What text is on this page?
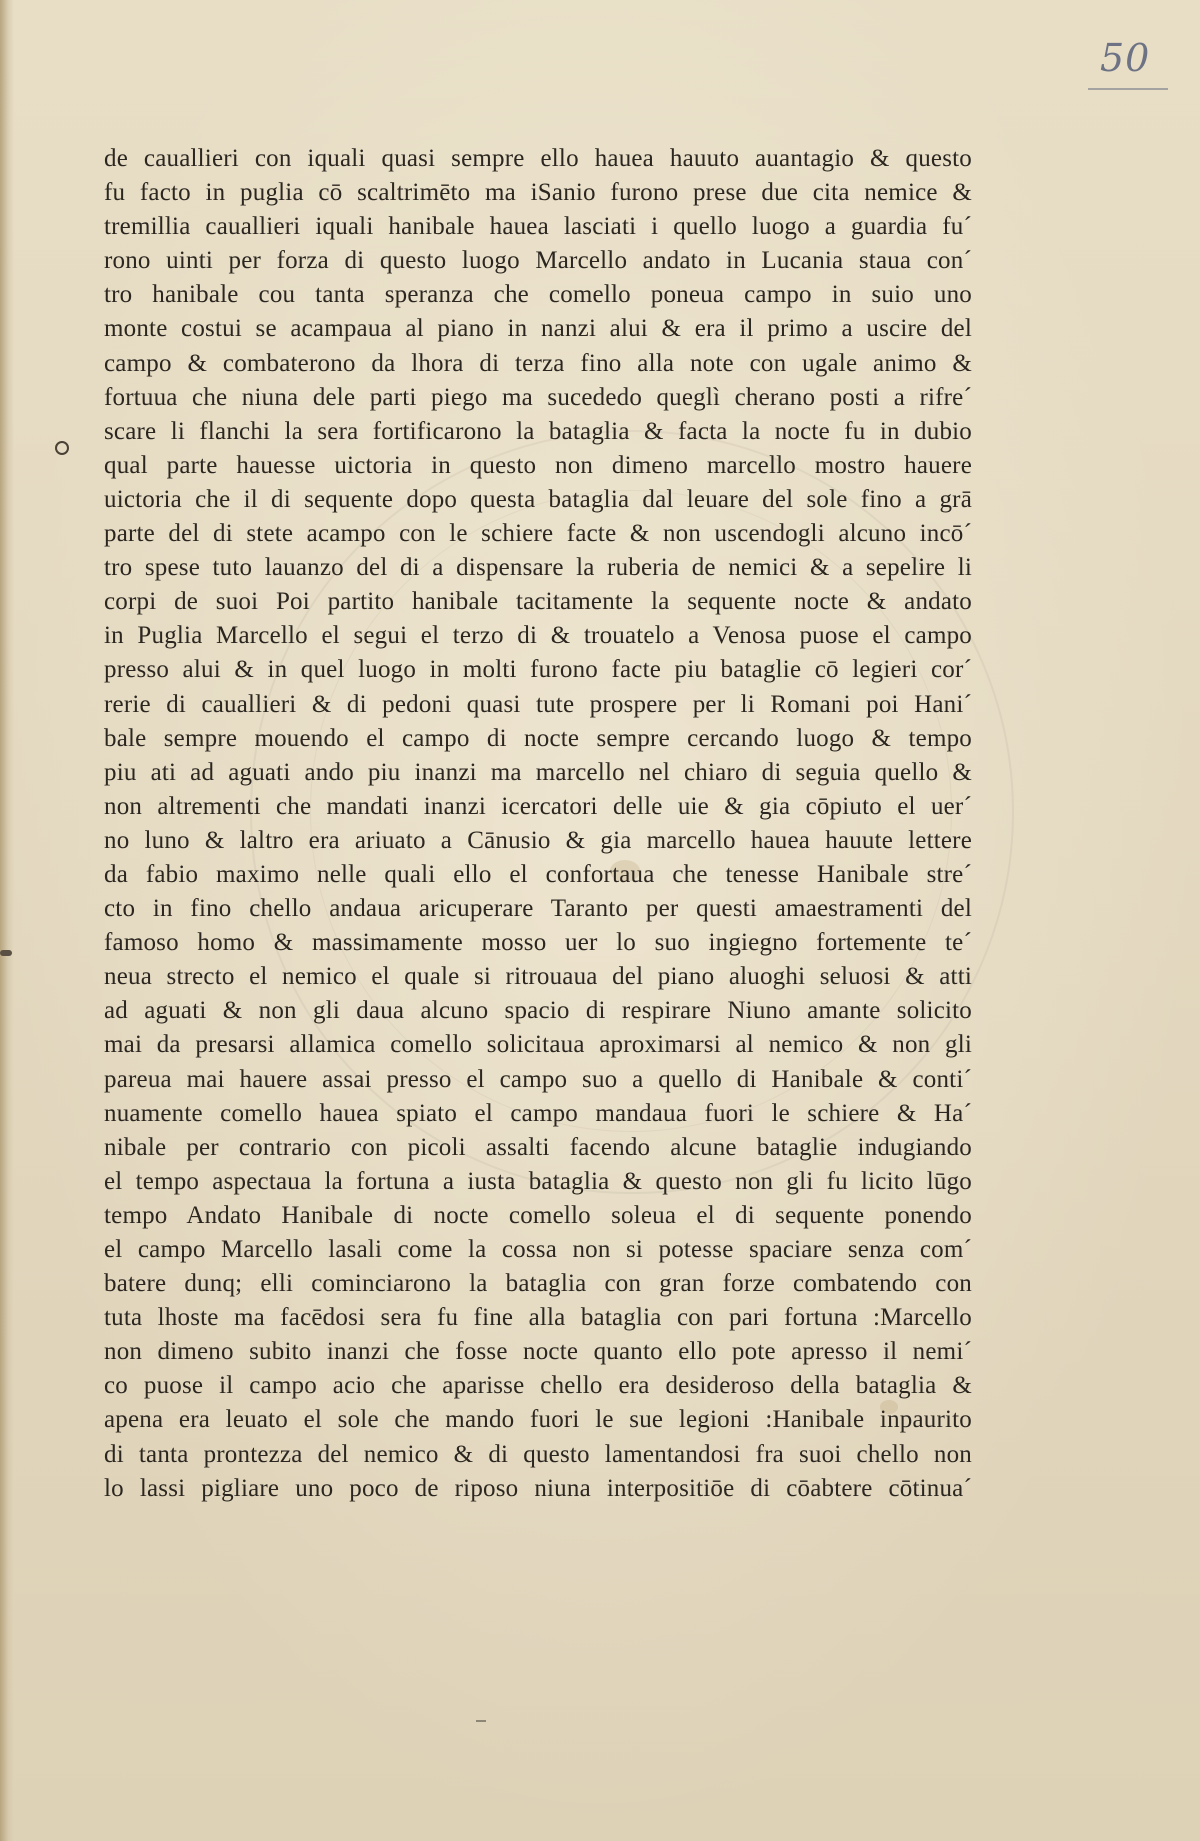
50
de cauallieri con iquali quasi sempre ello hauea hauuto auantagio & questo
fu facto in puglia cō scaltrimēto ma iSanio furono prese due cita nemice &
tremillia cauallieri iquali hanibale hauea lasciati i quello luogo a guardia fu´
rono uinti per forza di questo luogo Marcello andato in Lucania staua con´
tro hanibale cou tanta speranza che comello poneua campo in suio uno
monte costui se acampaua al piano in nanzi alui & era il primo a uscire del
campo & combaterono da lhora di terza fino alla note con ugale animo &
fortuua che niuna dele parti piego ma sucededo queglì cherano posti a rifre´
scare li flanchi la sera fortificarono la bataglia & facta la nocte fu in dubio
qual parte hauesse uictoria in questo non dimeno marcello mostro hauere
uictoria che il di sequente dopo questa bataglia dal leuare del sole fino a grā
parte del di stete acampo con le schiere facte & non uscendogli alcuno incō´
tro spese tuto lauanzo del di a dispensare la ruberia de nemici & a sepelire li
corpi de suoi Poi partito hanibale tacitamente la sequente nocte & andato
in Puglia Marcello el segui el terzo di & trouatelo a Venosa puose el campo
presso alui & in quel luogo in molti furono facte piu bataglie cō legieri cor´
rerie di cauallieri & di pedoni quasi tute prospere per li Romani poi Hani´
bale sempre mouendo el campo di nocte sempre cercando luogo & tempo
piu ati ad aguati ando piu inanzi ma marcello nel chiaro di seguia quello &
non altrementi che mandati inanzi icercatori delle uie & gia cōpiuto el uer´
no luno & laltro era ariuato a Cānusio & gia marcello hauea hauute lettere
da fabio maximo nelle quali ello el confortaua che tenesse Hanibale stre´
cto in fino chello andaua aricuperare Taranto per questi amaestramenti del
famoso homo & massimamente mosso uer lo suo ingiegno fortemente te´
neua strecto el nemico el quale si ritrouaua del piano aluoghi seluosi & atti
ad aguati & non gli daua alcuno spacio di respirare Niuno amante solicito
mai da presarsi allamica comello solicitaua aproximarsi al nemico & non gli
pareua mai hauere assai presso el campo suo a quello di Hanibale & conti´
nuamente comello hauea spiato el campo mandaua fuori le schiere & Ha´
nibale per contrario con picoli assalti facendo alcune bataglie indugiando
el tempo aspectaua la fortuna a iusta bataglia & questo non gli fu licito lūgo
tempo Andato Hanibale di nocte comello soleua el di sequente ponendo
el campo Marcello lasali come la cossa non si potesse spaciare senza com´
batere dunq; elli cominciarono la bataglia con gran forze combatendo con
tuta lhoste ma facēdosi sera fu fine alla bataglia con pari fortuna :Marcello
non dimeno subito inanzi che fosse nocte quanto ello pote apresso il nemi´
co puose il campo acio che aparisse chello era desideroso della bataglia &
apena era leuato el sole che mando fuori le sue legioni :Hanibale inpaurito
di tanta prontezza del nemico & di questo lamentandosi fra suoi chello non
lo lassi pigliare uno poco de riposo niuna interpositiōe di cōabtere cōtinua´
